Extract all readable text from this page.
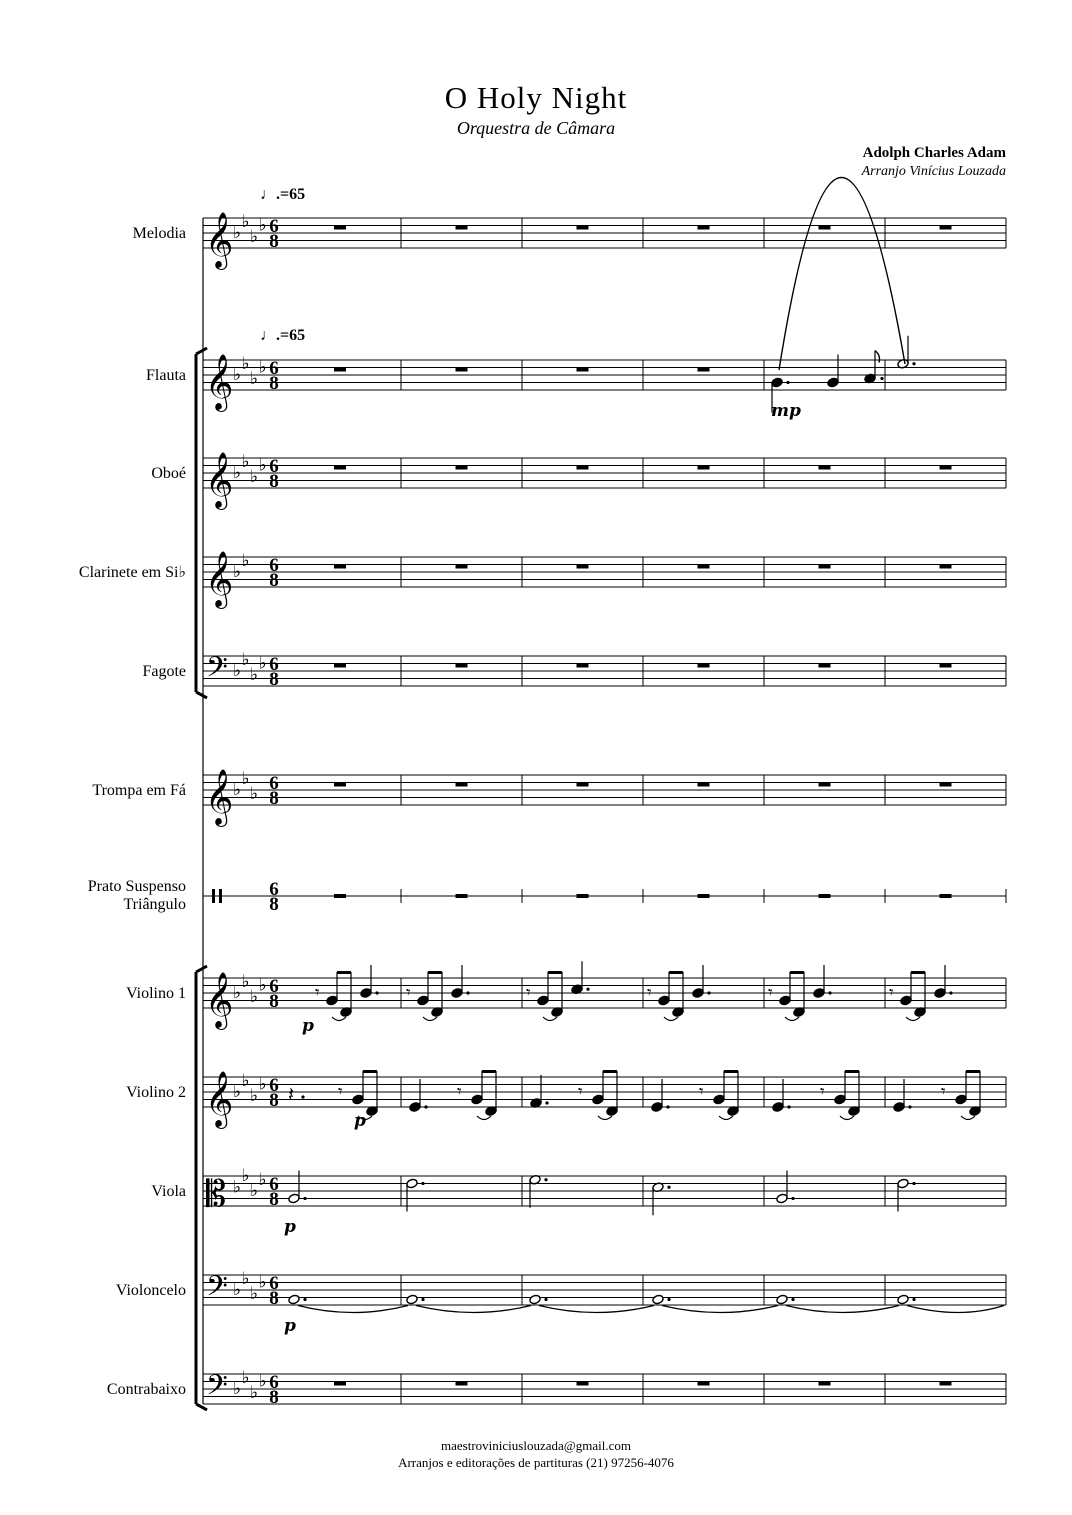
O Holy Night
Orquestra de Câmara
Adolph Charles Adam
Arranjo Vinícius Louzada
♩.=65
♩.=65
Melodia 𝄞 ♭
♭
♭
♭ 6
8
Flauta 𝄞 ♭
♭
♭
♭ 6
8
Oboé 𝄞 ♭
♭
♭
♭ 6
8
Clarinete em Si♭ 𝄞 ♭
♭ 6
8
Fagote 𝄢 ♭
♭
♭
♭ 6
8
Trompa em Fá 𝄞 ♭
♭
♭ 6
8
Prato Suspenso
Triângulo
6
8
Violino 1 𝄞 ♭
♭
♭
♭ 6
8
Violino 2 𝄞 ♭
♭
♭
♭ 6
8
Viola 𝄡 ♭
♭
♭
♭ 6
8
Violoncelo 𝄢 ♭
♭
♭
♭ 6
8
Contrabaixo 𝄢 ♭
♭
♭
♭ 6
8
mp
𝄾	𝄾	𝄾	𝄾	𝄾	𝄾
p
𝄽	𝄾	𝄾	𝄾	𝄾	𝄾	𝄾
p
p
p
maestroviniciuslouzada@gmail.com
Arranjos e editorações de partituras (21) 97256-4076
